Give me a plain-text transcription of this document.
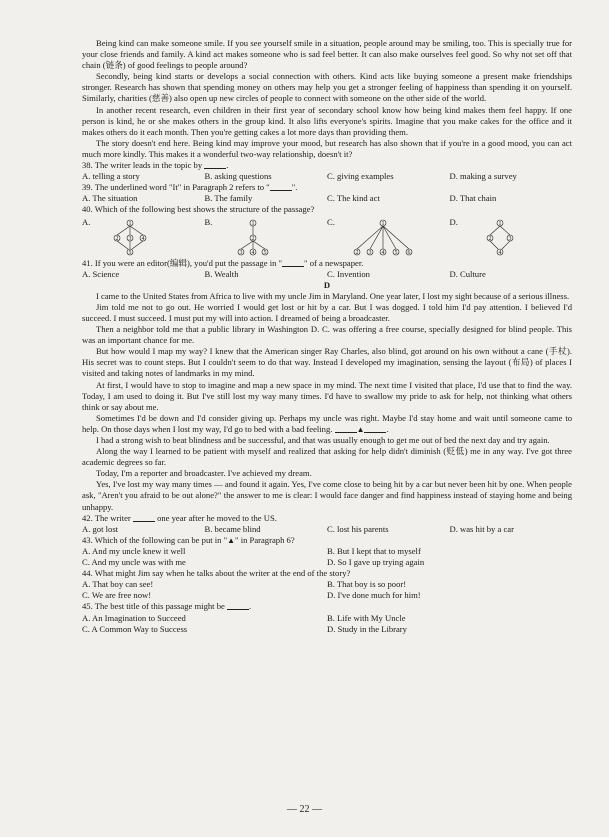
Being kind can make someone smile. If you see yourself smile in a situation, people around may be smiling, too. This is specially true for your close friends and family. A kind act makes someone who is sad feel better. It can also make ourselves feel good. So why not set off that chain (链条) of good feelings to people around?

Secondly, being kind starts or develops a social connection with others. Kind acts like buying someone a present make friendships stronger. Research has shown that spending money on others may help you get a stronger feeling of happiness than spending it on yourself. Similarly, charities (慈善) also open up new circles of people to connect with someone on the other side of the world.

In another recent research, even children in their first year of secondary school know how being kind makes them feel happy. If one person is kind, he or she makes others in the group kind. It also lifts everyone's spirits. Imagine that you make cakes for the office and it makes others do it each month. Then you're getting cakes a lot more days than providing them.

The story doesn't end here. Being kind may improve your mood, but research has also shown that if you're in a good mood, you can act much more kindly. This makes it a wonderful two-way relationship, doesn't it?

38. The writer leads in the topic by	.

A. telling a story	B. asking questions	C. giving examples	D. making a survey

39. The underlined word "It" in Paragraph 2 refers to "	".

A. The situation	B. The family	C. The kind act	D. That chain

40. Which of the following best shows the structure of the passage?

A.	1
2 3 4
5
B.	1
2
3 4 5
C.	1
2 3 4 5 6
D.	1
2	3
4

41. If you were an editor(编辑), you'd put the passage in "	" of a newspaper.

A. Science	B. Wealth	C. Invention	D. Culture

D

I came to the United States from Africa to live with my uncle Jim in Maryland. One year later, I lost my sight because of a serious illness.

Jim told me not to go out. He worried I would get lost or hit by a car. But I was dogged. I told him I'd pay attention. I believed I'd succeed. I must succeed. I must put my will into action. I dreamed of being a broadcaster.

Then a neighbor told me that a public library in Washington D. C. was offering a free course, specially designed for blind people. This was an important chance for me.

But how would I map my way? I knew that the American singer Ray Charles, also blind, got around on his own without a cane (手杖). His secret was to count steps. But I couldn't seem to do that way. Instead I developed my imagination, sensing the layout (布局) of places I visited and taking notes of landmarks in my mind.

At first, I would have to stop to imagine and map a new space in my mind. The next time I visited that place, I'd use that to find the way. Today, I am used to doing it. But I've still lost my way many times. I'd have to swallow my pride to ask for help, not thinking what others think or say about me.

Sometimes I'd be down and I'd consider giving up. Perhaps my uncle was right. Maybe I'd stay home and wait until someone came to help. On those days when I lost my way, I'd go to bed with a bad feeling.	▲	.

I had a strong wish to beat blindness and be successful, and that was usually enough to get me out of bed the next day and try again.

Along the way I learned to be patient with myself and realized that asking for help didn't diminish (贬低) me in any way. I've got three academic degrees so far.

Today, I'm a reporter and broadcaster. I've achieved my dream.

Yes, I've lost my way many times — and found it again. Yes, I've come close to being hit by a car but never been hit by one. When people ask, "Aren't you afraid to be out alone?" the answer to me is clear: I would face danger and find happiness instead of staying home and being unhappy.

42. The writer	one year after he moved to the US.

A. got lost	B. became blind	C. lost his parents	D. was hit by a car

43. Which of the following can be put in "▲" in Paragraph 6?

A. And my uncle knew it well	B. But I kept that to myself
C. And my uncle was with me	D. So I gave up trying again

44. What might Jim say when he talks about the writer at the end of the story?

A. That boy can see!	B. That boy is so poor!
C. We are free now!	D. I've done much for him!

45. The best title of this passage might be	.

A. An Imagination to Succeed	B. Life with My Uncle
C. A Common Way to Success	D. Study in the Library
— 22 —
